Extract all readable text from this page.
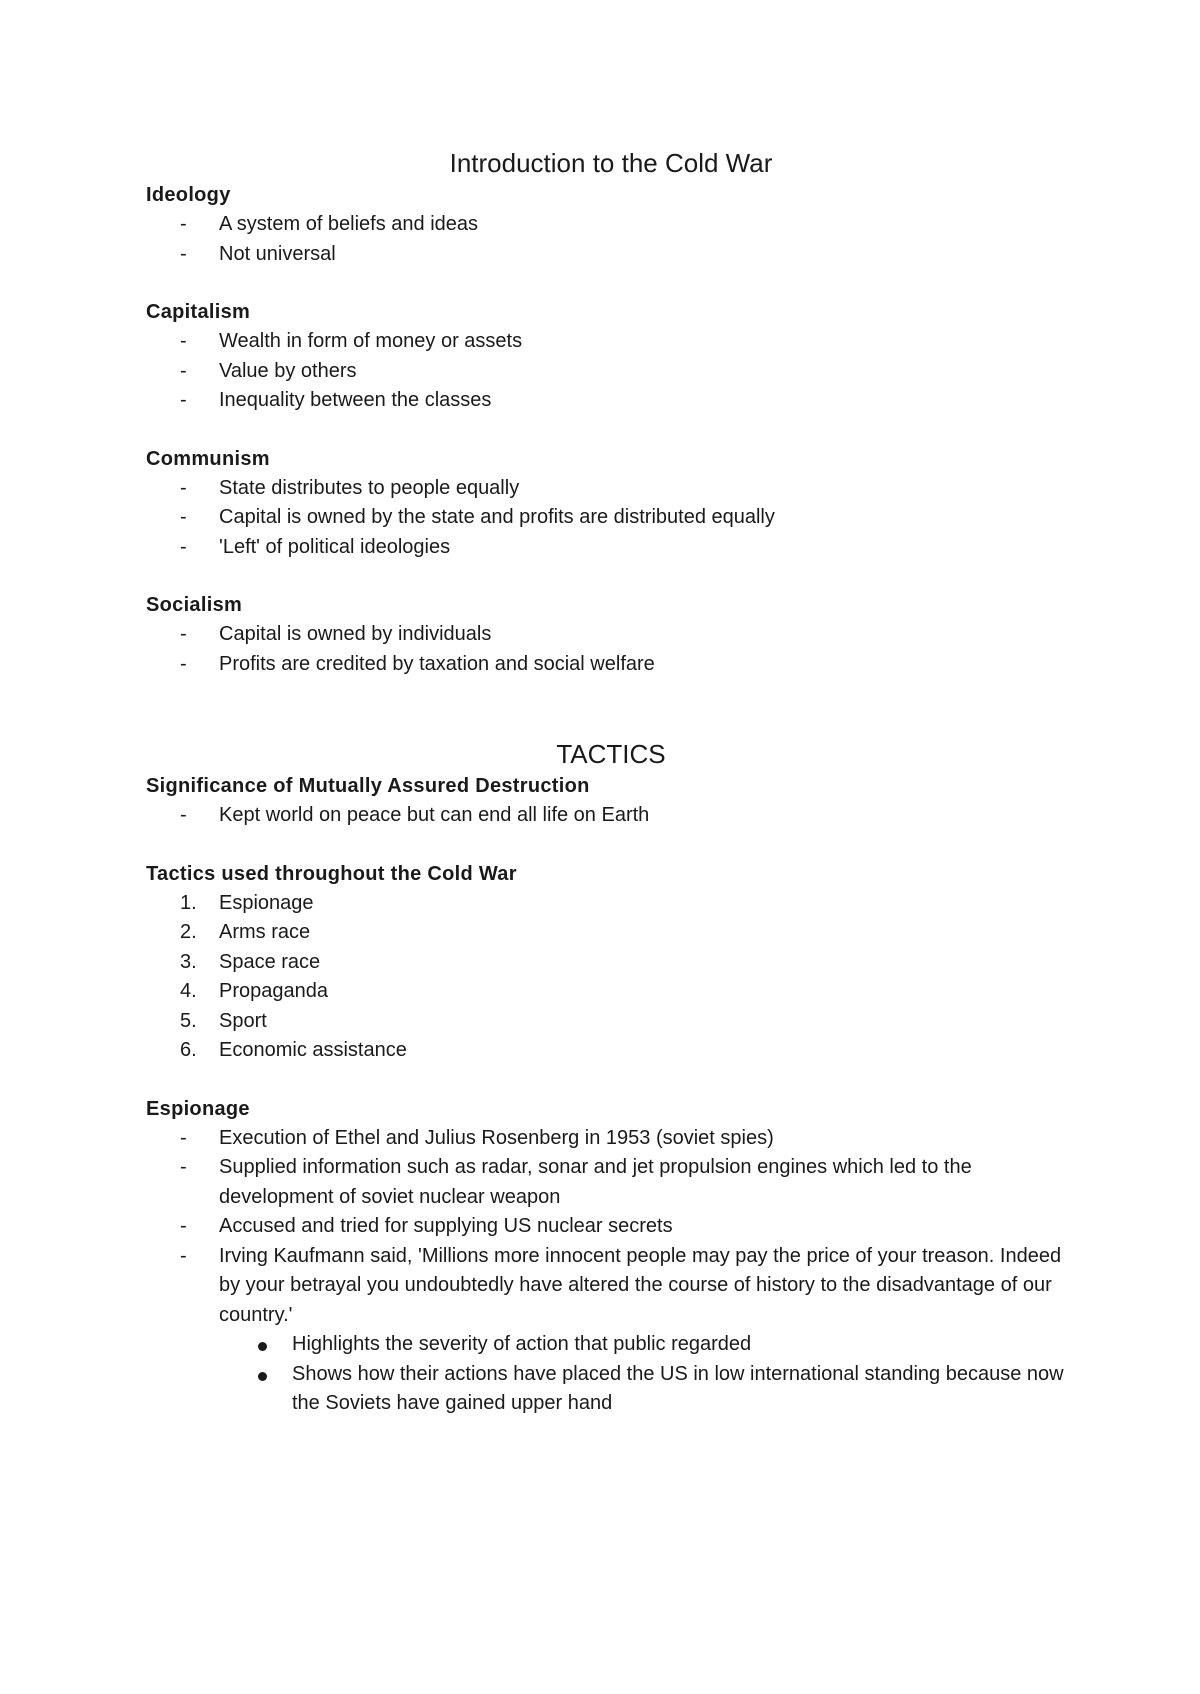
Introduction to the Cold War
Ideology
- A system of beliefs and ideas
- Not universal
Capitalism
- Wealth in form of money or assets
- Value by others
- Inequality between the classes
Communism
- State distributes to people equally
- Capital is owned by the state and profits are distributed equally
- 'Left' of political ideologies
Socialism
- Capital is owned by individuals
- Profits are credited by taxation and social welfare
TACTICS
Significance of Mutually Assured Destruction
- Kept world on peace but can end all life on Earth
Tactics used throughout the Cold War
1. Espionage
2. Arms race
3. Space race
4. Propaganda
5. Sport
6. Economic assistance
Espionage
- Execution of Ethel and Julius Rosenberg in 1953 (soviet spies)
- Supplied information such as radar, sonar and jet propulsion engines which led to the development of soviet nuclear weapon
- Accused and tried for supplying US nuclear secrets
- Irving Kaufmann said, 'Millions more innocent people may pay the price of your treason. Indeed by your betrayal you undoubtedly have altered the course of history to the disadvantage of our country.'
Highlights the severity of action that public regarded
Shows how their actions have placed the US in low international standing because now the Soviets have gained upper hand
